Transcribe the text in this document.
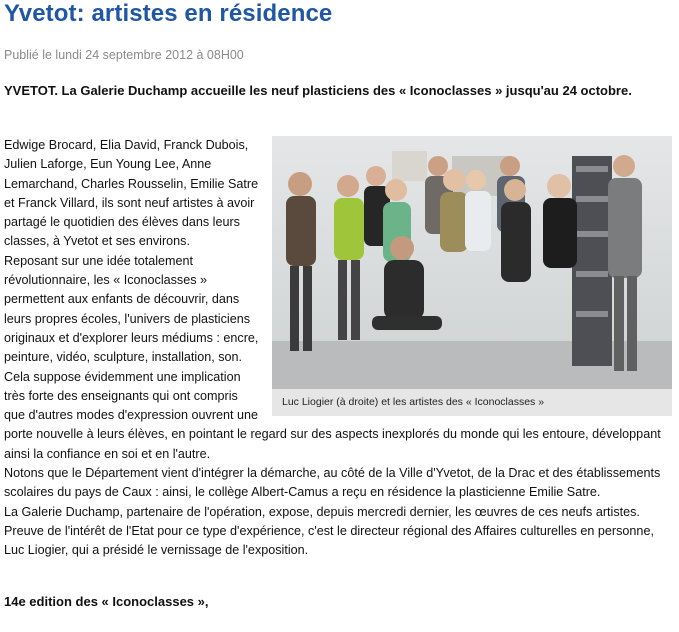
Yvetot: artistes en résidence
Publié le lundi 24 septembre 2012 à 08H00
YVETOT. La Galerie Duchamp accueille les neuf plasticiens des « Iconoclasses » jusqu'au 24 octobre.
Luc Liogier (à droite) et les artistes des « Iconoclasses »

Edwige Brocard, Elia David, Franck Dubois, Julien Laforge, Eun Young Lee, Anne Lemarchand, Charles Rousselin, Emilie Satre et Franck Villard, ils sont neuf artistes à avoir partagé le quotidien des élèves dans leurs classes, à Yvetot et ses environs.

Reposant sur une idée totalement révolutionnaire, les « Iconoclasses » permettent aux enfants de découvrir, dans leurs propres écoles, l'univers de plasticiens originaux et d'explorer leurs médiums : encre, peinture, vidéo, sculpture, installation, son. Cela suppose évidemment une implication très forte des enseignants qui ont compris que d'autres modes d'expression ouvrent une porte nouvelle à leurs élèves, en pointant le regard sur des aspects inexplorés du monde qui les entoure, développant ainsi la confiance en soi et en l'autre.

Notons que le Département vient d'intégrer la démarche, au côté de la Ville d'Yvetot, de la Drac et des établissements scolaires du pays de Caux : ainsi, le collège Albert-Camus a reçu en résidence la plasticienne Emilie Satre.

La Galerie Duchamp, partenaire de l'opération, expose, depuis mercredi dernier, les œuvres de ces neufs artistes. Preuve de l'intérêt de l'Etat pour ce type d'expérience, c'est le directeur régional des Affaires culturelles en personne, Luc Liogier, qui a présidé le vernissage de l'exposition.

14e edition des « Iconoclasses »,
